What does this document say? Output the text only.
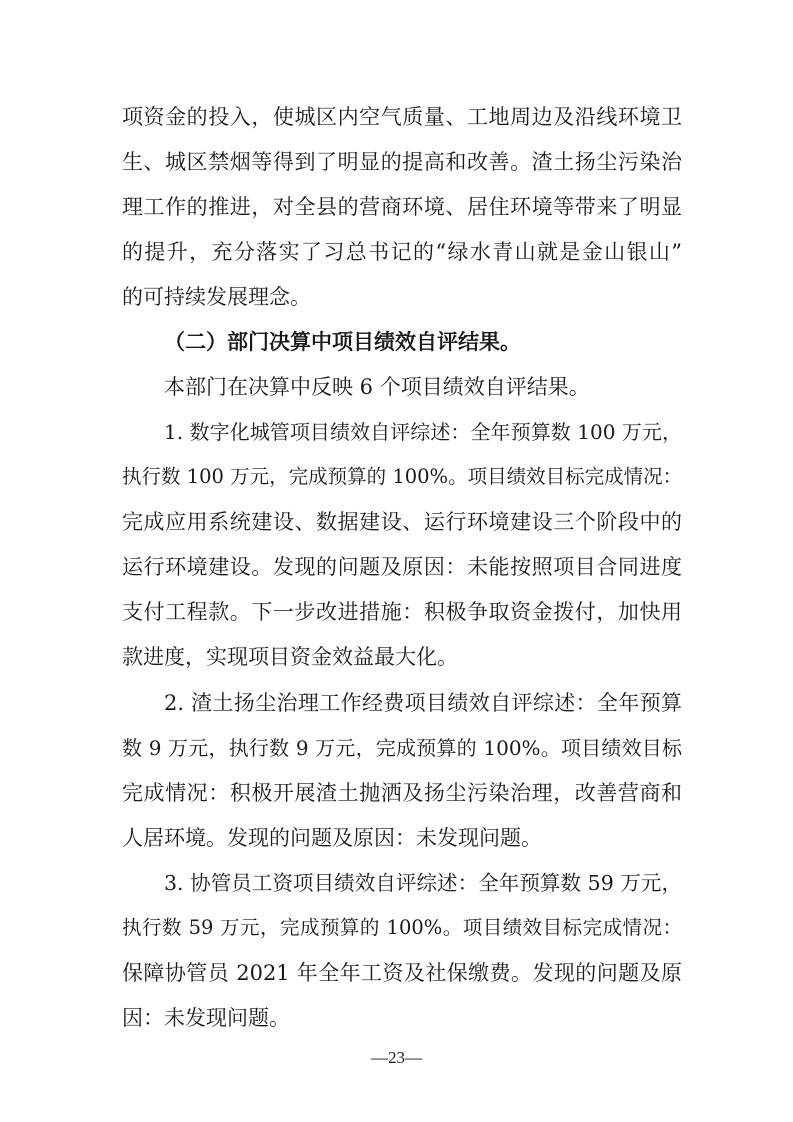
项资金的投入，使城区内空气质量、工地周边及沿线环境卫
生、城区禁烟等得到了明显的提高和改善。渣土扬尘污染治
理工作的推进，对全县的营商环境、居住环境等带来了明显
的提升，充分落实了习总书记的“绿水青山就是金山银山”
的可持续发展理念。
（二）部门决算中项目绩效自评结果。
本部门在决算中反映 6 个项目绩效自评结果。
1. 数字化城管项目绩效自评综述：全年预算数 100 万元，
执行数 100 万元，完成预算的 100%。项目绩效目标完成情况：
完成应用系统建设、数据建设、运行环境建设三个阶段中的
运行环境建设。发现的问题及原因：未能按照项目合同进度
支付工程款。下一步改进措施：积极争取资金拨付，加快用
款进度，实现项目资金效益最大化。
2. 渣土扬尘治理工作经费项目绩效自评综述：全年预算
数 9 万元，执行数 9 万元，完成预算的 100%。项目绩效目标
完成情况：积极开展渣土抛洒及扬尘污染治理，改善营商和
人居环境。发现的问题及原因：未发现问题。
3. 协管员工资项目绩效自评综述：全年预算数 59 万元，
执行数 59 万元，完成预算的 100%。项目绩效目标完成情况：
保障协管员 2021 年全年工资及社保缴费。发现的问题及原
因：未发现问题。
—23—
